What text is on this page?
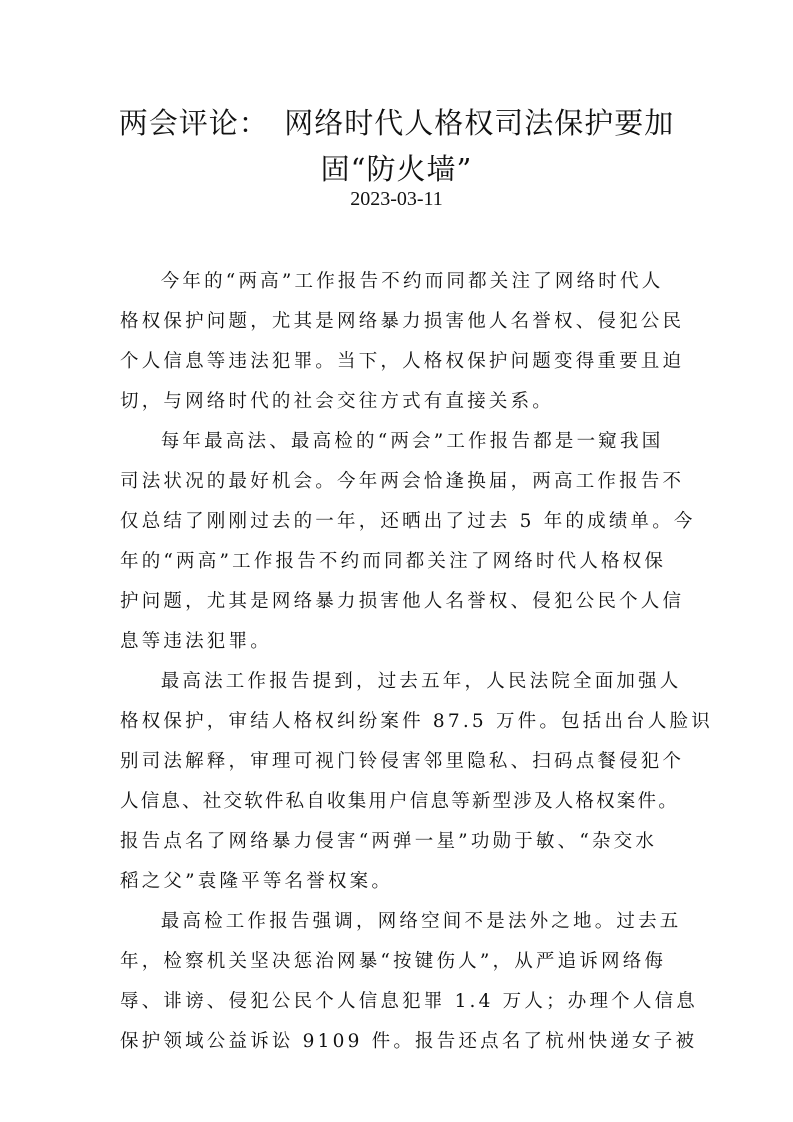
两会评论：　网络时代人格权司法保护要加
固“防火墙”
2023-03-11
今年的“两高”工作报告不约而同都关注了网络时代人
格权保护问题，尤其是网络暴力损害他人名誉权、侵犯公民
个人信息等违法犯罪。当下，人格权保护问题变得重要且迫
切，与网络时代的社会交往方式有直接关系。
每年最高法、最高检的“两会”工作报告都是一窥我国
司法状况的最好机会。今年两会恰逢换届，两高工作报告不
仅总结了刚刚过去的一年，还晒出了过去 5 年的成绩单。今
年的“两高”工作报告不约而同都关注了网络时代人格权保
护问题，尤其是网络暴力损害他人名誉权、侵犯公民个人信
息等违法犯罪。
最高法工作报告提到，过去五年，人民法院全面加强人
格权保护，审结人格权纠纷案件 87.5 万件。包括出台人脸识
别司法解释，审理可视门铃侵害邻里隐私、扫码点餐侵犯个
人信息、社交软件私自收集用户信息等新型涉及人格权案件。
报告点名了网络暴力侵害“两弹一星”功勋于敏、“杂交水
稻之父”袁隆平等名誉权案。
最高检工作报告强调，网络空间不是法外之地。过去五
年，检察机关坚决惩治网暴“按键伤人”，从严追诉网络侮
辱、诽谤、侵犯公民个人信息犯罪 1.4 万人；办理个人信息
保护领域公益诉讼 9109 件。报告还点名了杭州快递女子被
